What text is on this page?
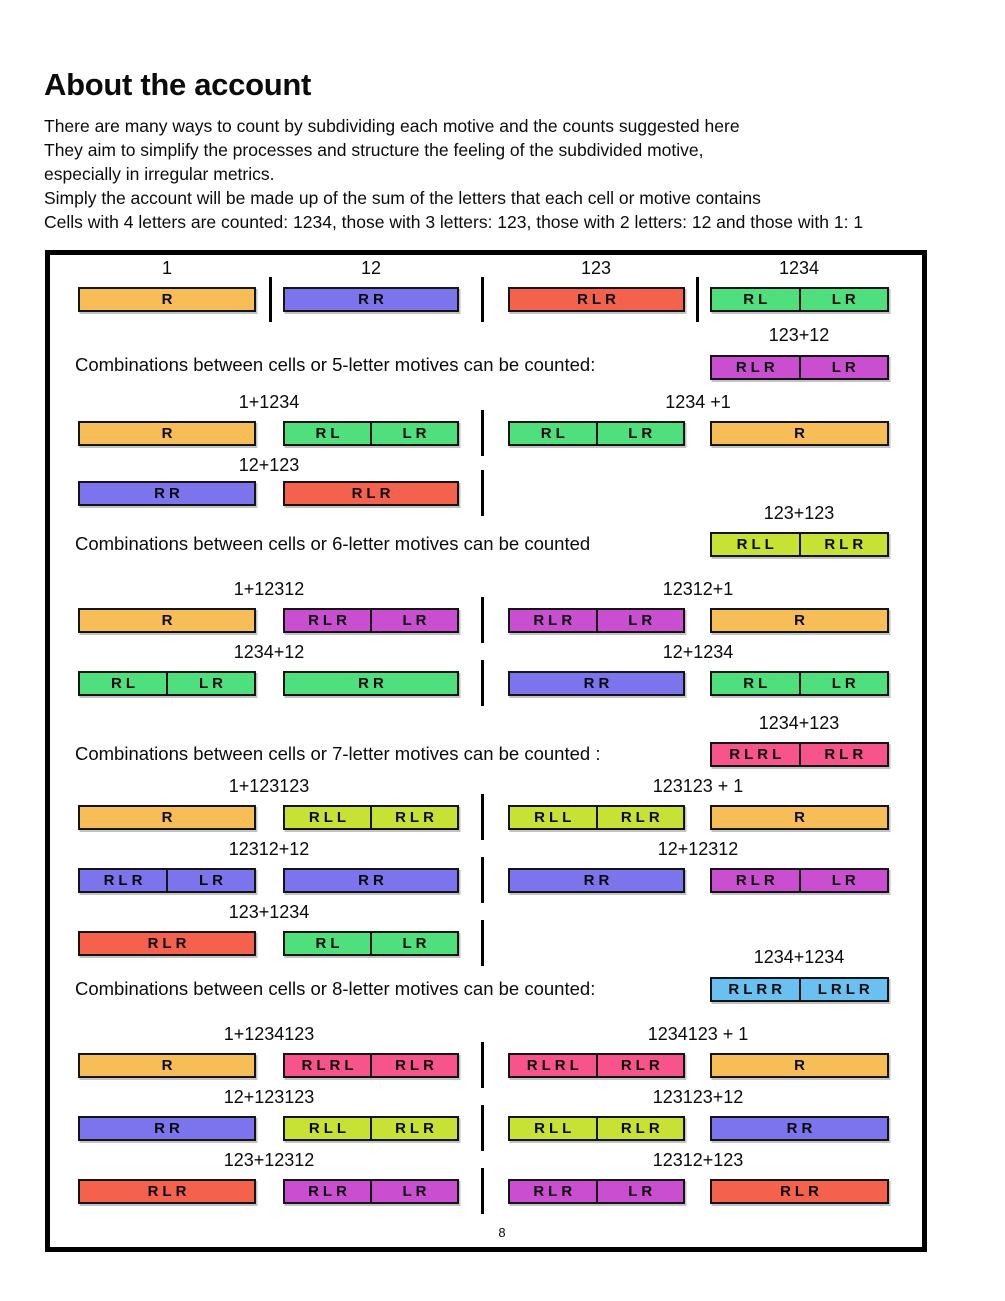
About the account
There are many ways to count by subdividing each motive and the counts suggested here
They aim to simplify the processes and structure the feeling of the subdivided motive,
especially in irregular metrics.
Simply the account will be made up of the sum of the letters that each cell or motive contains
Cells with 4 letters are counted: 1234, those with 3 letters: 123, those with 2 letters: 12 and those with 1: 1
8
1
R
12
RR
123
RLR
1234
RL	LR
Combinations between cells or 5-letter motives can be counted:
123+12
RLR	LR
1+1234
R	RL	LR
1234 +1
RL	LR	R
12+123
RR	RLR
Combinations between cells or 6-letter motives can be counted
123+123
RLL	RLR
1+12312
R	RLR	LR
12312+1
RLR	LR	R
1234+12
RL	LR	RR
12+1234
RR	RL	LR
Combinations between cells or 7-letter motives can be counted :
1234+123
RLRL	RLR
1+123123
R	RLL	RLR
123123 + 1
RLL	RLR	R
12312+12
RLR	LR	RR
12+12312
RR	RLR	LR
123+1234
RLR	RL	LR
Combinations between cells or 8-letter motives can be counted:
1234+1234
RLRR LRLR
1+1234123
R	RLRL	RLR
1234123 + 1
RLRL	RLR	R
12+123123
RR	RLL	RLR
123123+12
RLL	RLR	RR
123+12312
RLR	RLR	LR
12312+123
RLR	LR	RLR
